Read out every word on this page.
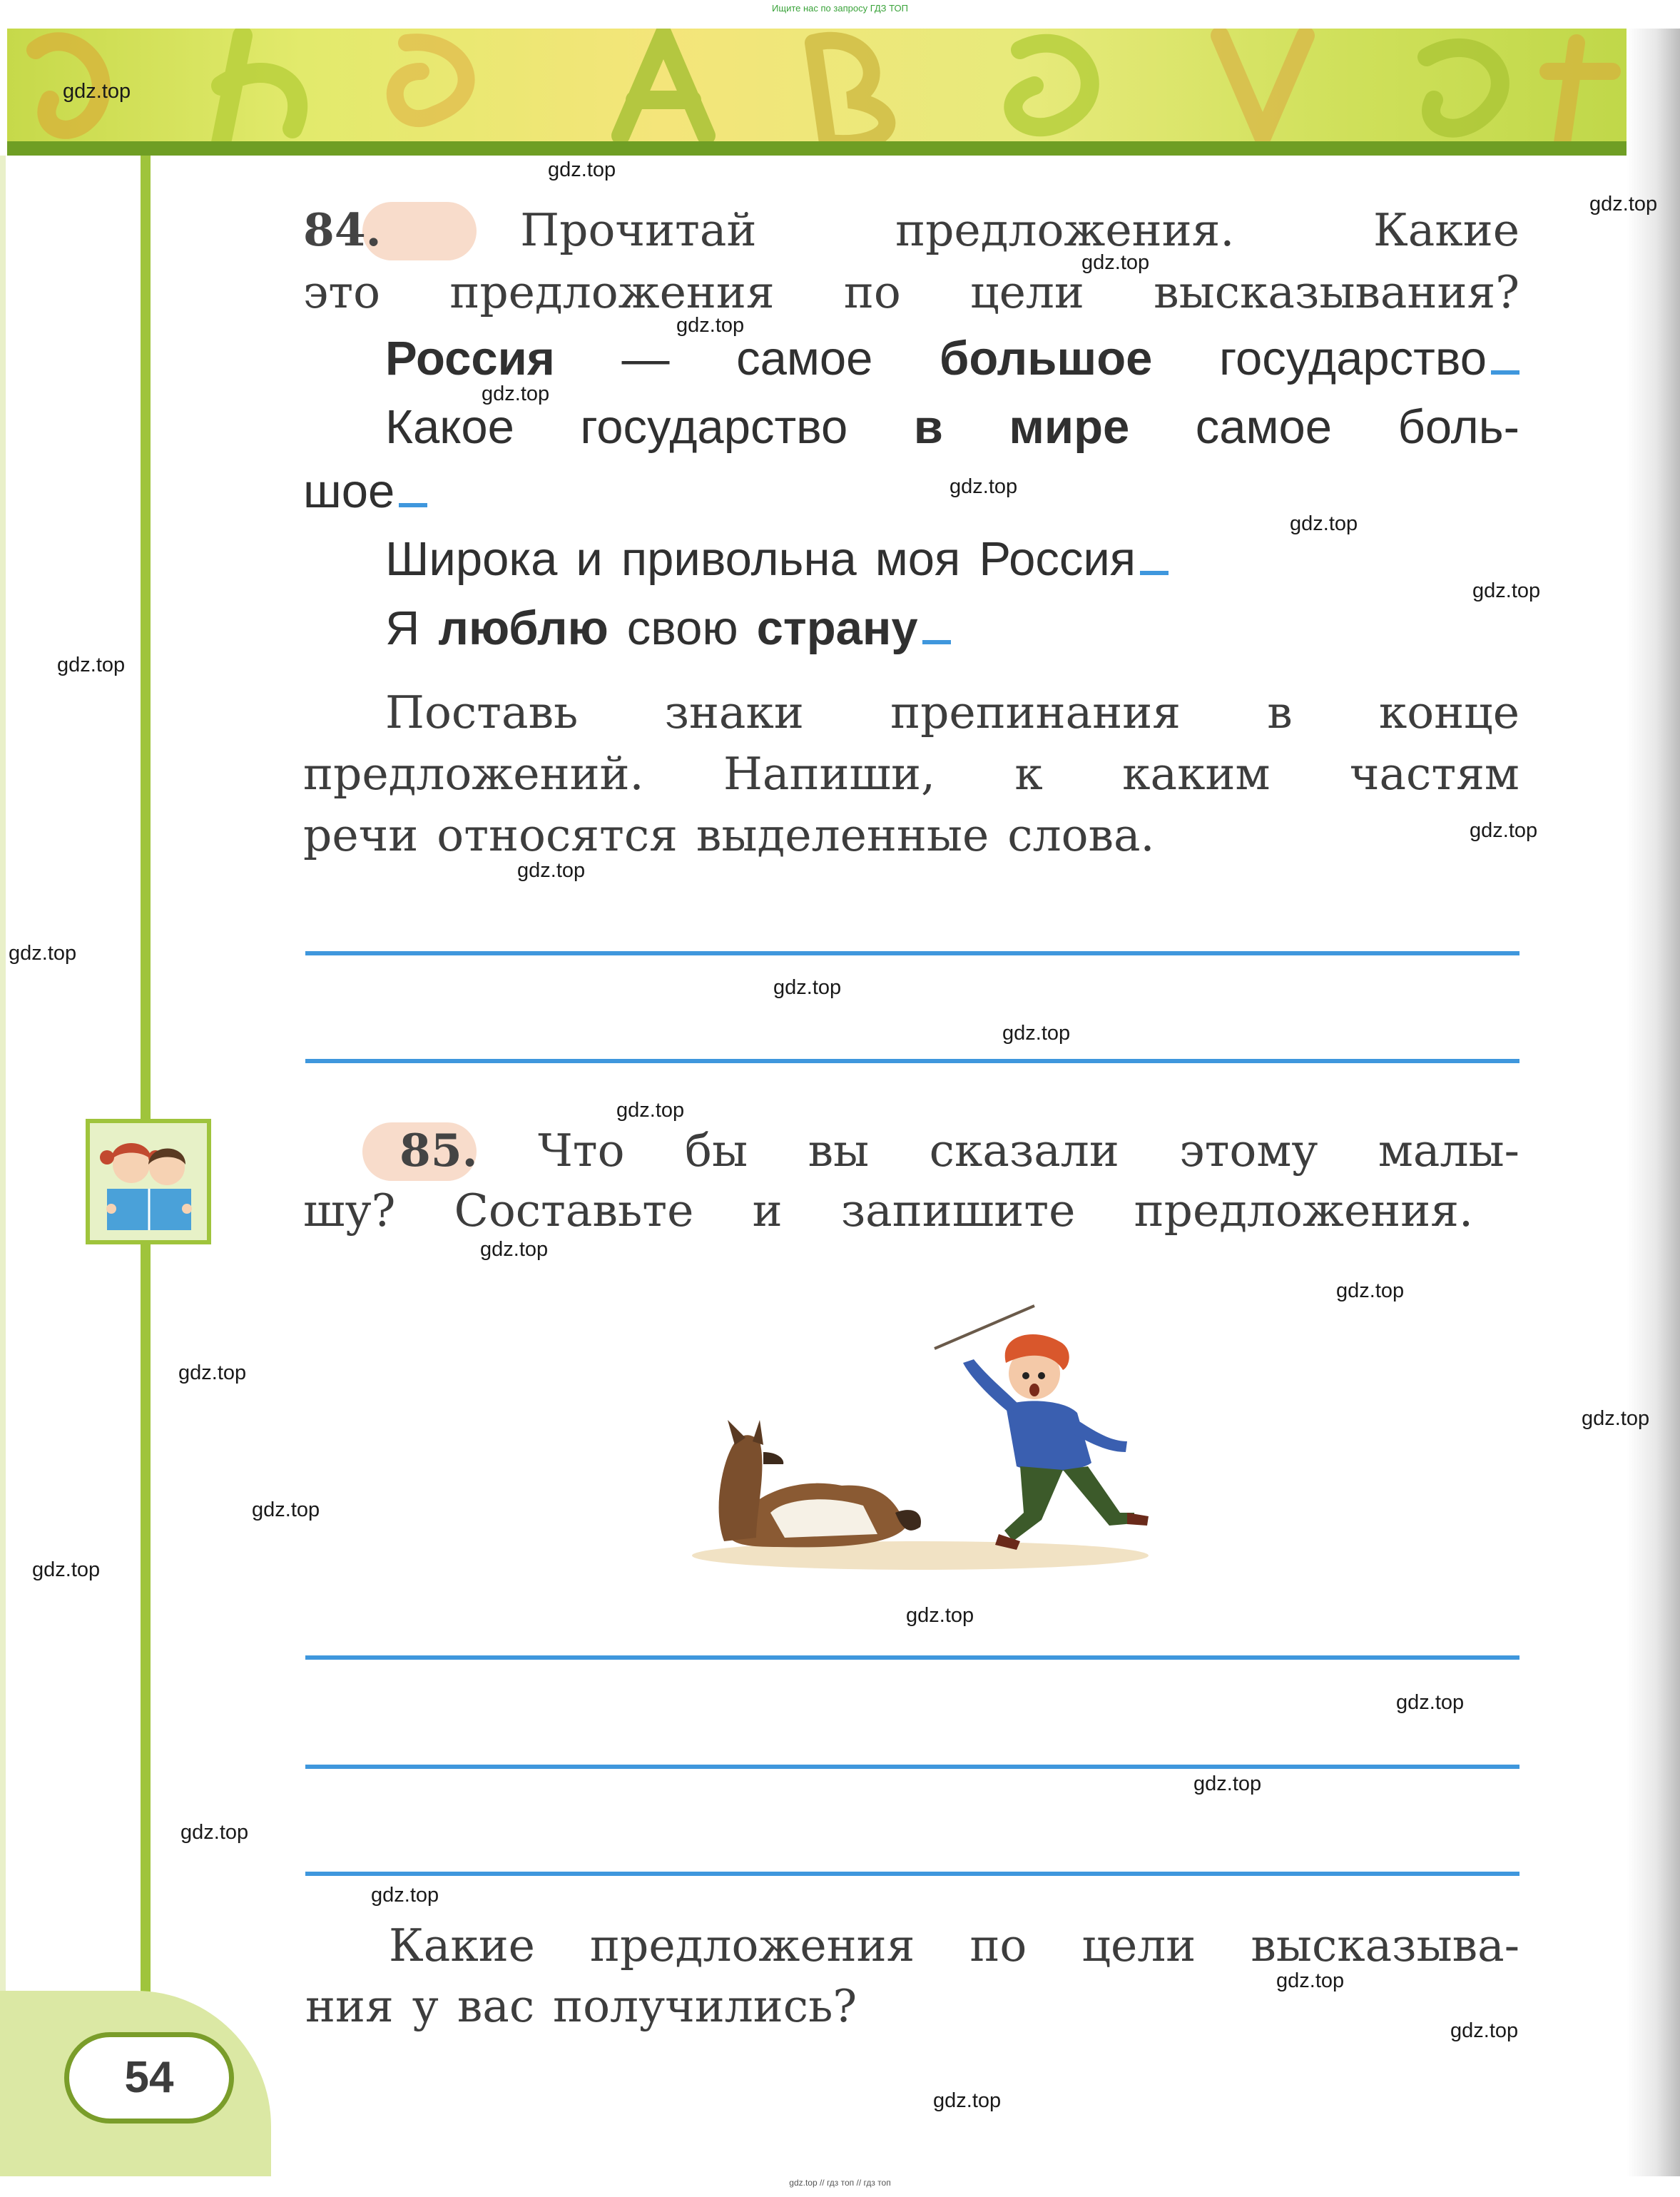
Ищите нас по запросу ГДЗ ТОП
54
84.	Прочитай	предложения.	Какие
это предложения по цели высказывания?
Россия — самое большое государство
Какое государство в мире самое боль-
шое
Широка и привольна моя Россия
Я люблю свою страну
Поставь знаки препинания в конце
предложений. Напиши, к каким частям
речи относятся выделенные слова.
85. Что бы вы сказали этому малы-
шу? Составьте и запишите предложения.
Какие предложения по цели высказыва-
ния у вас получились?
gdz.top
gdz.top
gdz.top
gdz.top
gdz.top
gdz.top
gdz.top
gdz.top
gdz.top
gdz.top
gdz.top
gdz.top
gdz.top
gdz.top
gdz.top
gdz.top
gdz.top
gdz.top
gdz.top
gdz.top
gdz.top
gdz.top
gdz.top
gdz.top
gdz.top
gdz.top
gdz.top
gdz.top
gdz.top
gdz.top
gdz.top // гдз топ // гдз топ
